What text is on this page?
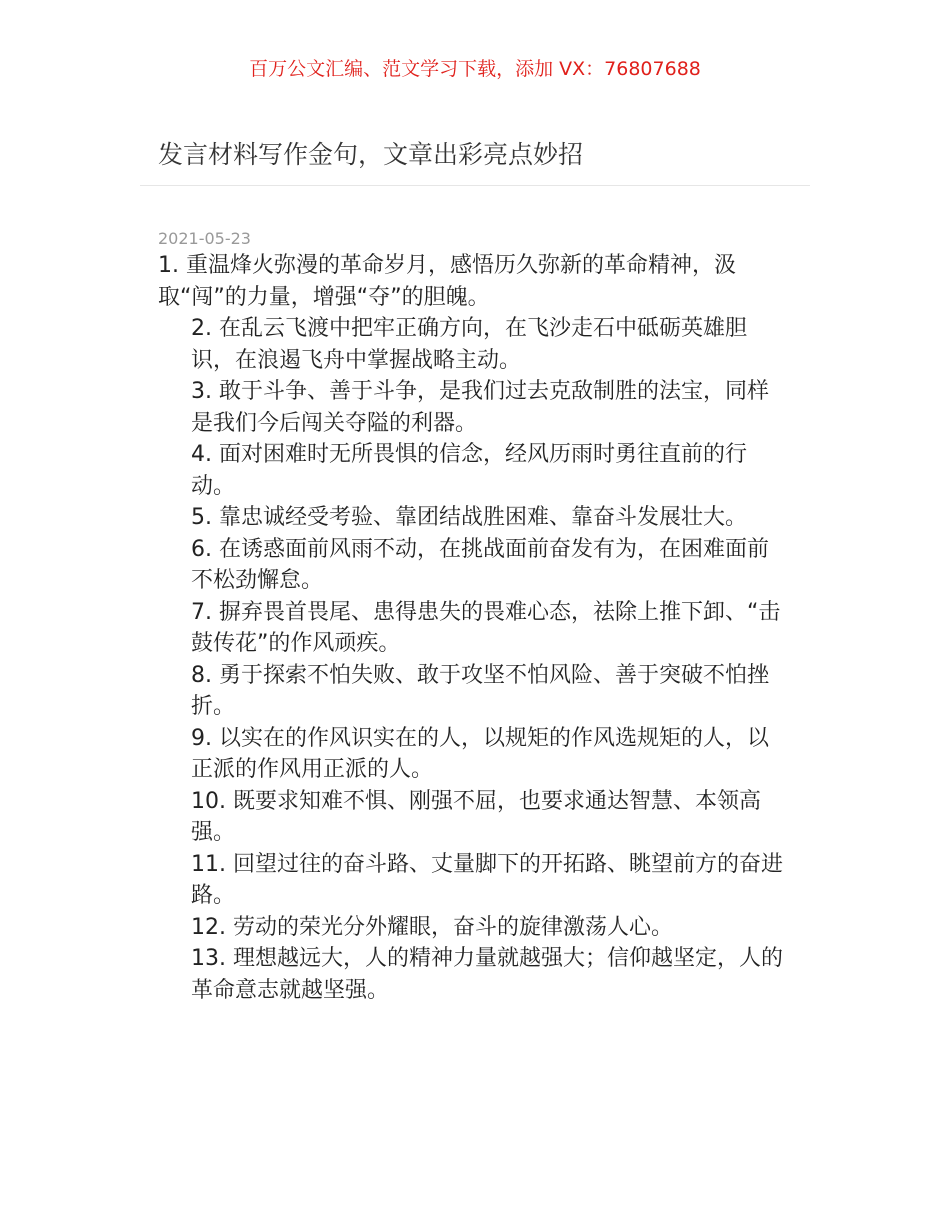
百万公文汇编、范文学习下载，添加 VX：76807688
发言材料写作金句，文章出彩亮点妙招
2021-05-23

1. 重温烽火弥漫的革命岁月，感悟历久弥新的革命精神，汲取“闯”的力量，增强“夺”的胆魄。

2. 在乱云飞渡中把牢正确方向，在飞沙走石中砥砺英雄胆识，在浪遏飞舟中掌握战略主动。

3. 敢于斗争、善于斗争，是我们过去克敌制胜的法宝，同样是我们今后闯关夺隘的利器。

4. 面对困难时无所畏惧的信念，经风历雨时勇往直前的行动。

5. 靠忠诚经受考验、靠团结战胜困难、靠奋斗发展壮大。

6. 在诱惑面前风雨不动，在挑战面前奋发有为，在困难面前不松劲懈怠。

7. 摒弃畏首畏尾、患得患失的畏难心态，祛除上推下卸、“击鼓传花”的作风顽疾。

8. 勇于探索不怕失败、敢于攻坚不怕风险、善于突破不怕挫折。

9. 以实在的作风识实在的人，以规矩的作风选规矩的人，以正派的作风用正派的人。

10. 既要求知难不惧、刚强不屈，也要求通达智慧、本领高强。

11. 回望过往的奋斗路、丈量脚下的开拓路、眺望前方的奋进路。

12. 劳动的荣光分外耀眼，奋斗的旋律激荡人心。

13. 理想越远大，人的精神力量就越强大；信仰越坚定，人的革命意志就越坚强。
